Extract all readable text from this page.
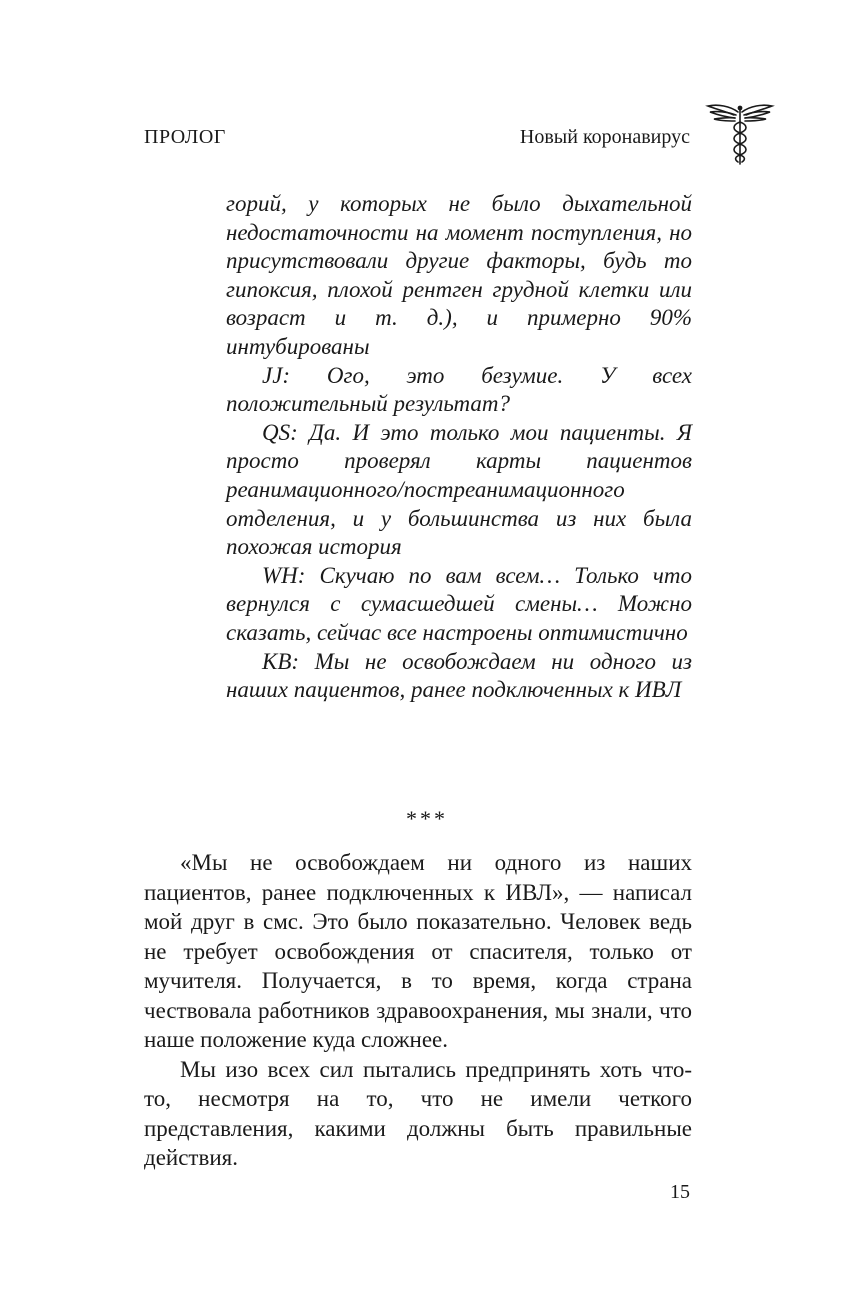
ПРОЛОГ	Новый коронавирус

горий, у которых не было дыхательной недостаточности на момент поступления, но присутствовали другие факторы, будь то гипоксия, плохой рентген грудной клетки или возраст и т. д.), и примерно 90% интубированы

JJ: Ого, это безумие. У всех положительный результат?

QS: Да. И это только мои пациенты. Я просто проверял карты пациентов реанимационного/постреанимационного отделения, и у большинства из них была похожая история

WH: Скучаю по вам всем… Только что вернулся с сумасшедшей смены… Можно сказать, сейчас все настроены оптимистично

KB: Мы не освобождаем ни одного из наших пациентов, ранее подключенных к ИВЛ

***

«Мы не освобождаем ни одного из наших пациентов, ранее подключенных к ИВЛ», — написал мой друг в смс. Это было показательно. Человек ведь не требует освобождения от спасителя, только от мучителя. Получается, в то время, когда страна чествовала работников здравоохранения, мы знали, что наше положение куда сложнее.

Мы изо всех сил пытались предпринять хоть что-то, несмотря на то, что не имели четкого представления, какими должны быть правильные действия.

15
